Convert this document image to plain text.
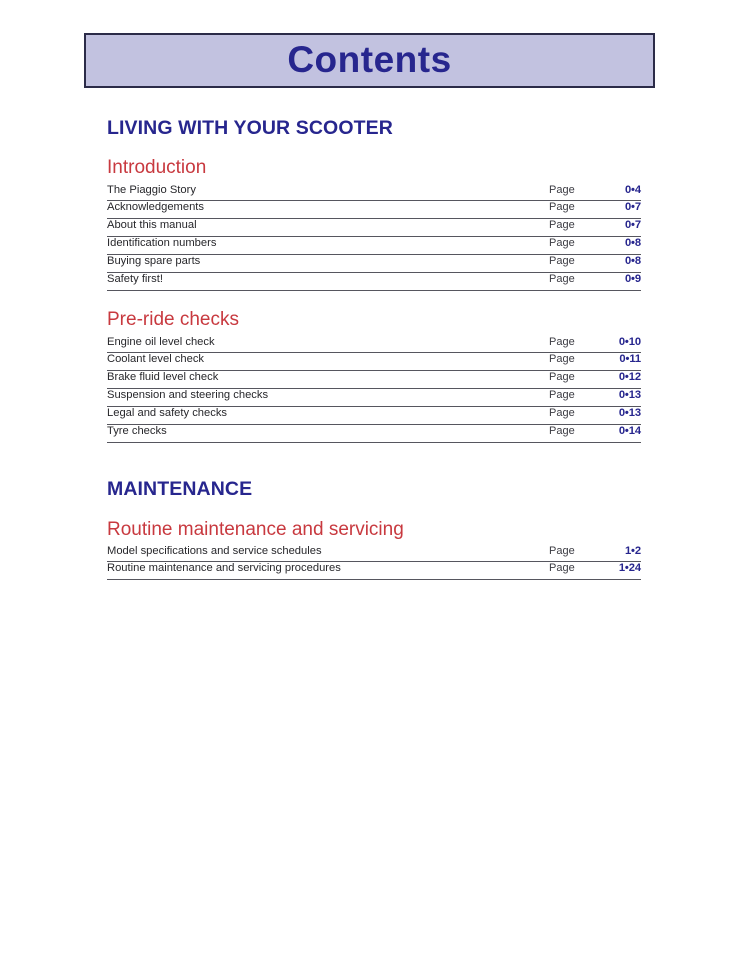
Contents
LIVING WITH YOUR SCOOTER
Introduction
The Piaggio Story	Page	0•4
Acknowledgements	Page	0•7
About this manual	Page	0•7
Identification numbers	Page	0•8
Buying spare parts	Page	0•8
Safety first!	Page	0•9
Pre-ride checks
Engine oil level check	Page	0•10
Coolant level check	Page	0•11
Brake fluid level check	Page	0•12
Suspension and steering checks	Page	0•13
Legal and safety checks	Page	0•13
Tyre checks	Page	0•14
MAINTENANCE
Routine maintenance and servicing
Model specifications and service schedules	Page	1•2
Routine maintenance and servicing procedures	Page	1•24
